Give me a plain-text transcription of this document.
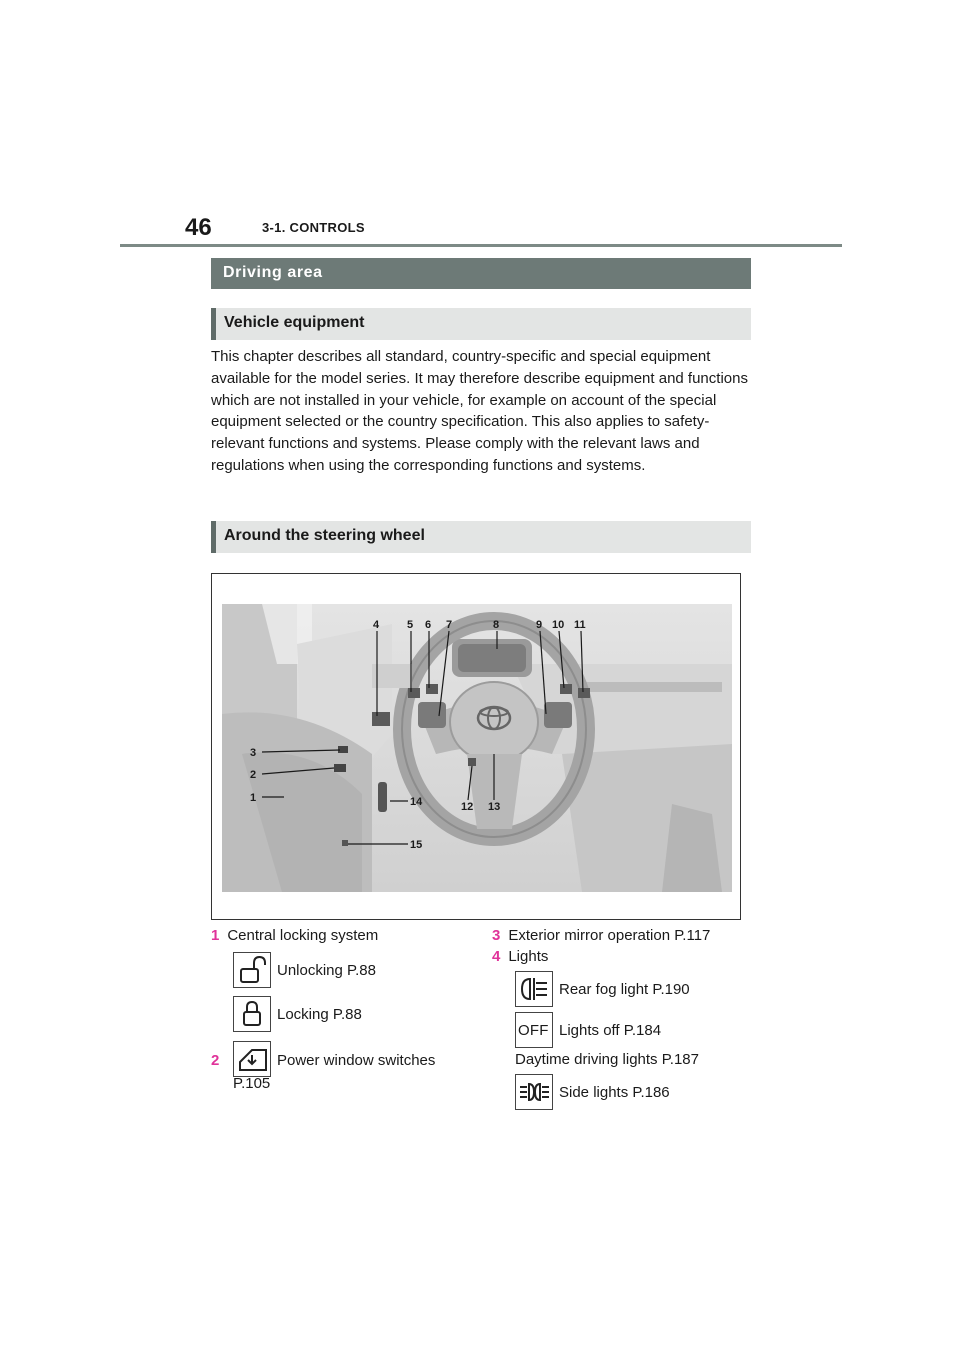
46	3-1. CONTROLS
Driving area
Vehicle equipment

This chapter describes all standard, country-specific and special equipment available for the model series. It may therefore describe equipment and functions which are not installed in your vehicle, for example on account of the special equipment selected or the country specification. This also applies to safety-relevant functions and systems. Please comply with the relevant laws and regulations when using the corresponding functions and systems.

Around the steering wheel
4	5 6 7	8	9 10 11
3
2
1	14	12 13
15
1 Central locking system
Unlocking P.88
Locking P.88
2	Power window switches
P.105
3 Exterior mirror operation P.117
4 Lights
Rear fog light P.190
OFF Lights off P.184
Daytime driving lights P.187
Side lights P.186
